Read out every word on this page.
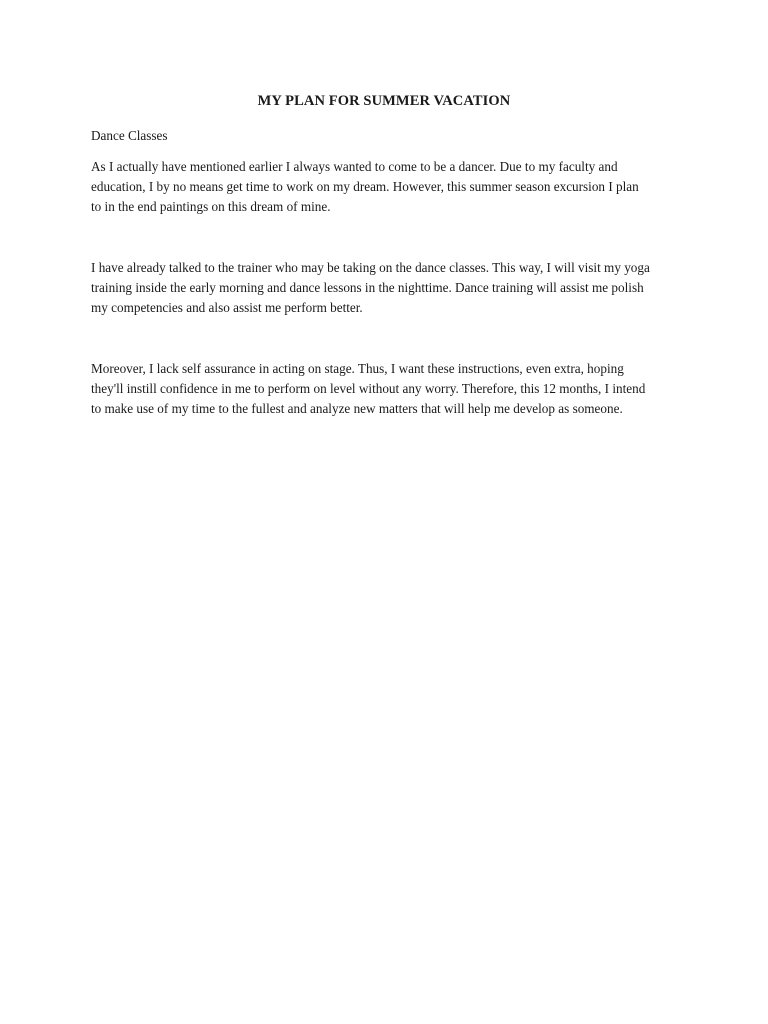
MY PLAN FOR SUMMER VACATION

Dance Classes

As I actually have mentioned earlier I always wanted to come to be a dancer. Due to my faculty and
education, I by no means get time to work on my dream. However, this summer season excursion I plan
to in the end paintings on this dream of mine.

I have already talked to the trainer who may be taking on the dance classes. This way, I will visit my yoga
training inside the early morning and dance lessons in the nighttime. Dance training will assist me polish
my competencies and also assist me perform better.

Moreover, I lack self assurance in acting on stage. Thus, I want these instructions, even extra, hoping
they'll instill confidence in me to perform on level without any worry. Therefore, this 12 months, I intend
to make use of my time to the fullest and analyze new matters that will help me develop as someone.
